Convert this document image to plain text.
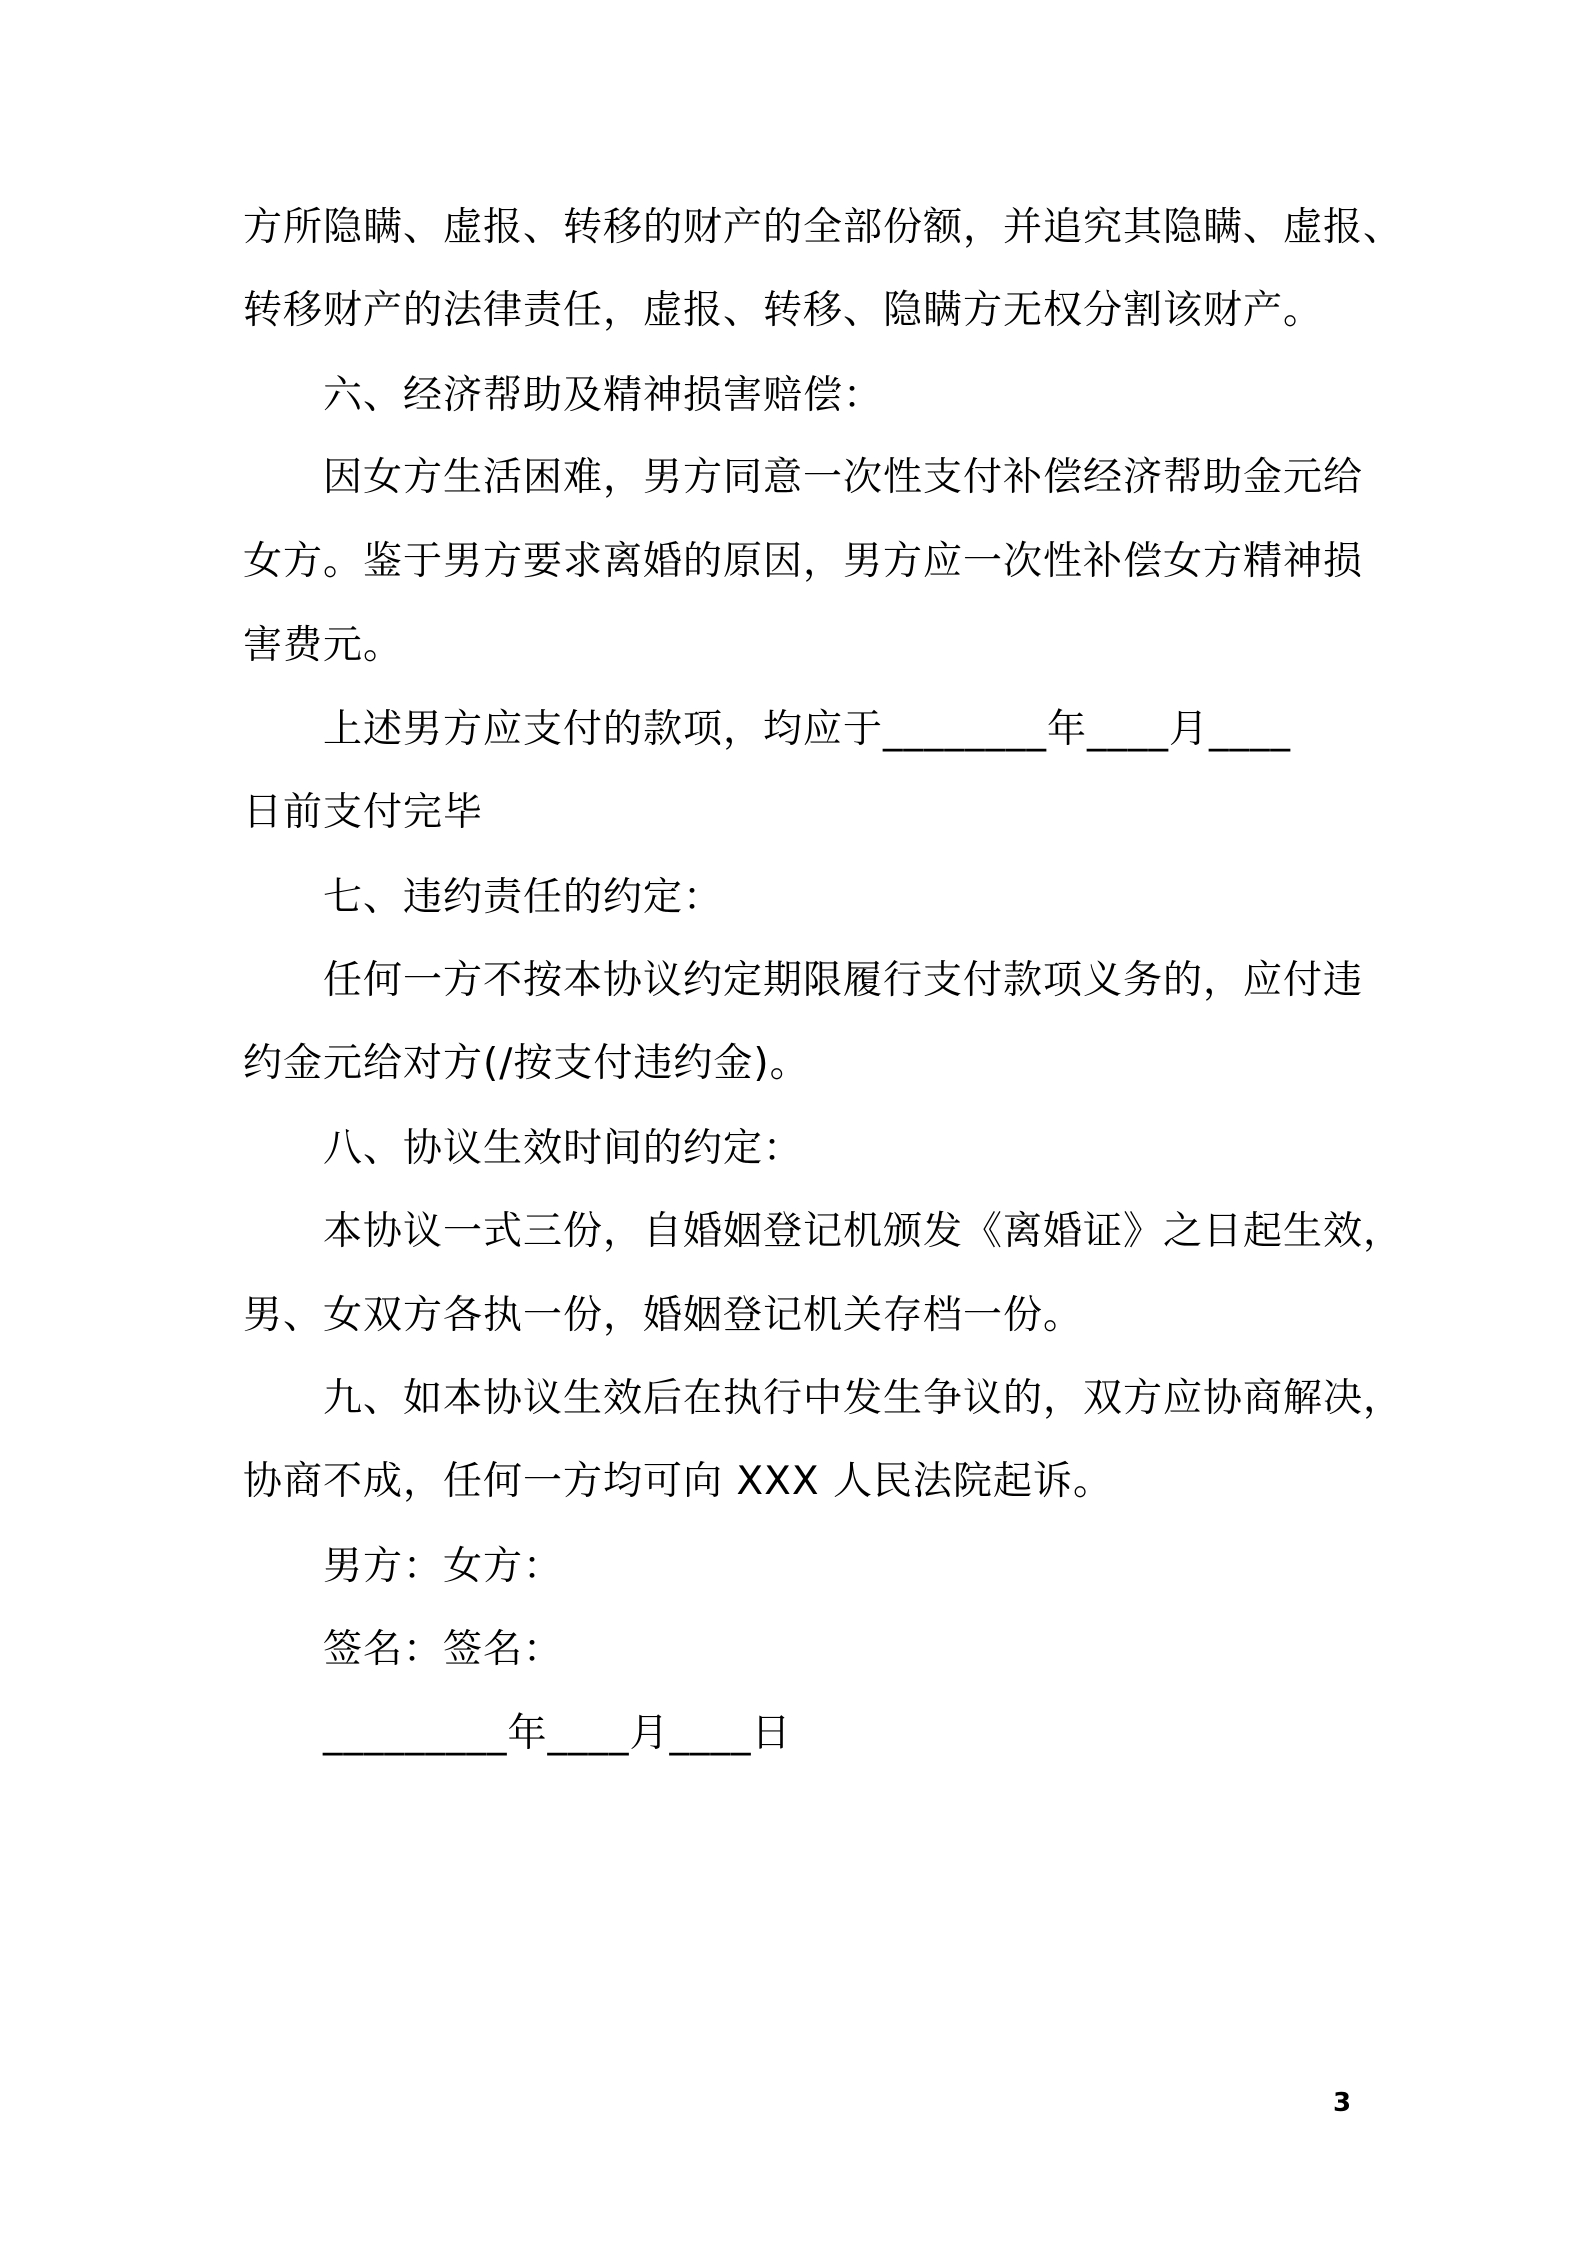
方所隐瞒、虚报、转移的财产的全部份额，并追究其隐瞒、虚报、
转移财产的法律责任，虚报、转移、隐瞒方无权分割该财产。
六、经济帮助及精神损害赔偿：
因女方生活困难，男方同意一次性支付补偿经济帮助金元给
女方。鉴于男方要求离婚的原因，男方应一次性补偿女方精神损
害费元。
上述男方应支付的款项，均应于________年____月____
日前支付完毕
七、违约责任的约定：
任何一方不按本协议约定期限履行支付款项义务的，应付违
约金元给对方(/按支付违约金)。
八、协议生效时间的约定：
本协议一式三份，自婚姻登记机颁发《离婚证》之日起生效，
男、女双方各执一份，婚姻登记机关存档一份。
九、如本协议生效后在执行中发生争议的，双方应协商解决，
协商不成，任何一方均可向 XXX 人民法院起诉。
男方：女方：
签名：签名：
_________年____月____日
3
